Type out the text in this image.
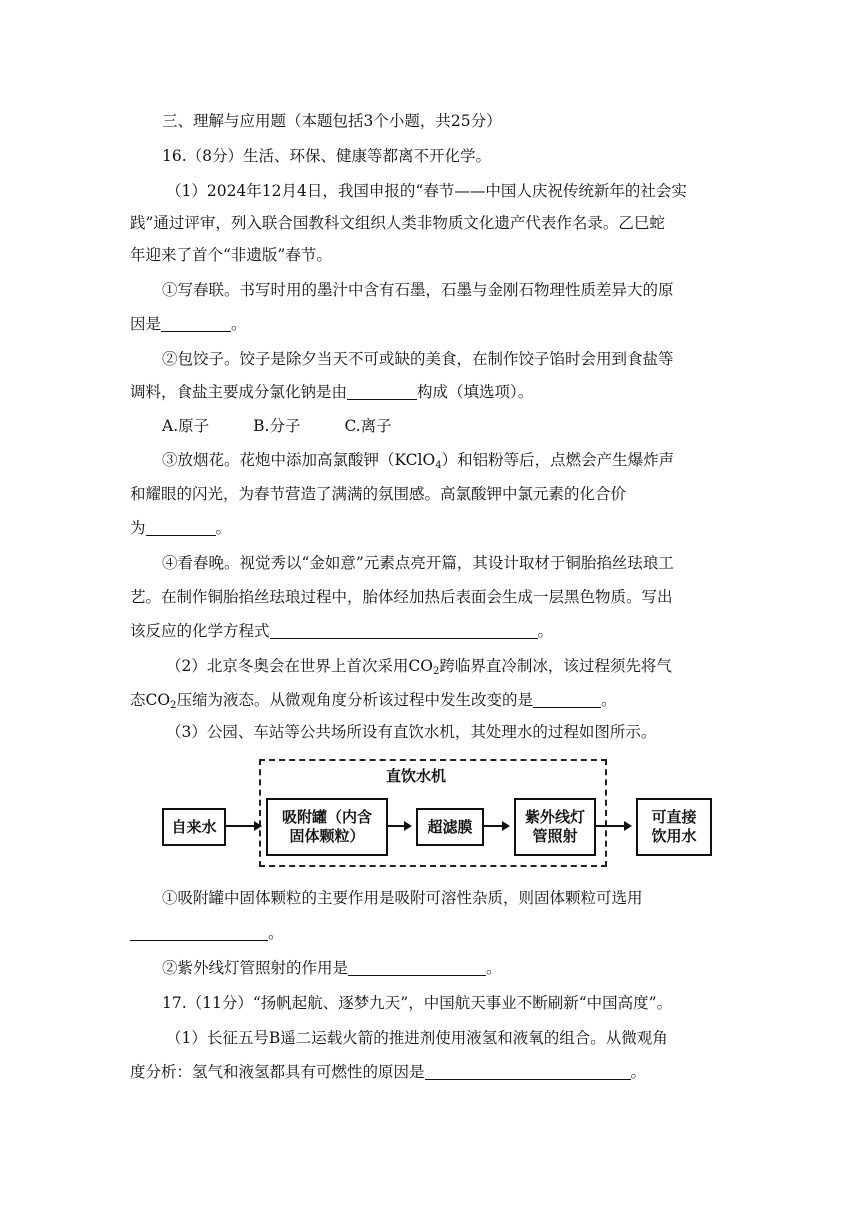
三、理解与应用题（本题包括3个小题，共25分）
16.（8分）生活、环保、健康等都离不开化学。
（1）2024年12月4日，我国申报的“春节——中国人庆祝传统新年的社会实
践”通过评审，列入联合国教科文组织人类非物质文化遗产代表作名录。乙巳蛇
年迎来了首个“非遗版”春节。
①写春联。书写时用的墨汁中含有石墨，石墨与金刚石物理性质差异大的原
因是	。
②包饺子。饺子是除夕当天不可或缺的美食，在制作饺子馅时会用到食盐等
调料，食盐主要成分氯化钠是由	构成（填选项）。
A.原子	B.分子	C.离子
③放烟花。花炮中添加高氯酸钾（KClO$_4$）和铝粉等后，点燃会产生爆炸声
和耀眼的闪光，为春节营造了满满的氛围感。高氯酸钾中氯元素的化合价
为	。
④看春晚。视觉秀以“金如意”元素点亮开篇，其设计取材于铜胎掐丝珐琅工
艺。在制作铜胎掐丝珐琅过程中，胎体经加热后表面会生成一层黑色物质。写出
该反应的化学方程式	。
（2）北京冬奥会在世界上首次采用$CO_2$跨临界直冷制冰，该过程须先将气
态$CO_2$压缩为液态。从微观角度分析该过程中发生改变的是	。
（3）公园、车站等公共场所设有直饮水机，其处理水的过程如图所示。
直饮水机
自来水
吸附罐（内含
固体颗粒）
超滤膜
紫外线灯
管照射
可直接
饮用水
①吸附罐中固体颗粒的主要作用是吸附可溶性杂质，则固体颗粒可选用
。
②紫外线灯管照射的作用是	。
17.（11分）“扬帆起航、逐梦九天”，中国航天事业不断刷新“中国高度”。
（1）长征五号B遥二运载火箭的推进剂使用液氢和液氧的组合。从微观角
度分析：氢气和液氢都具有可燃性的原因是	。
